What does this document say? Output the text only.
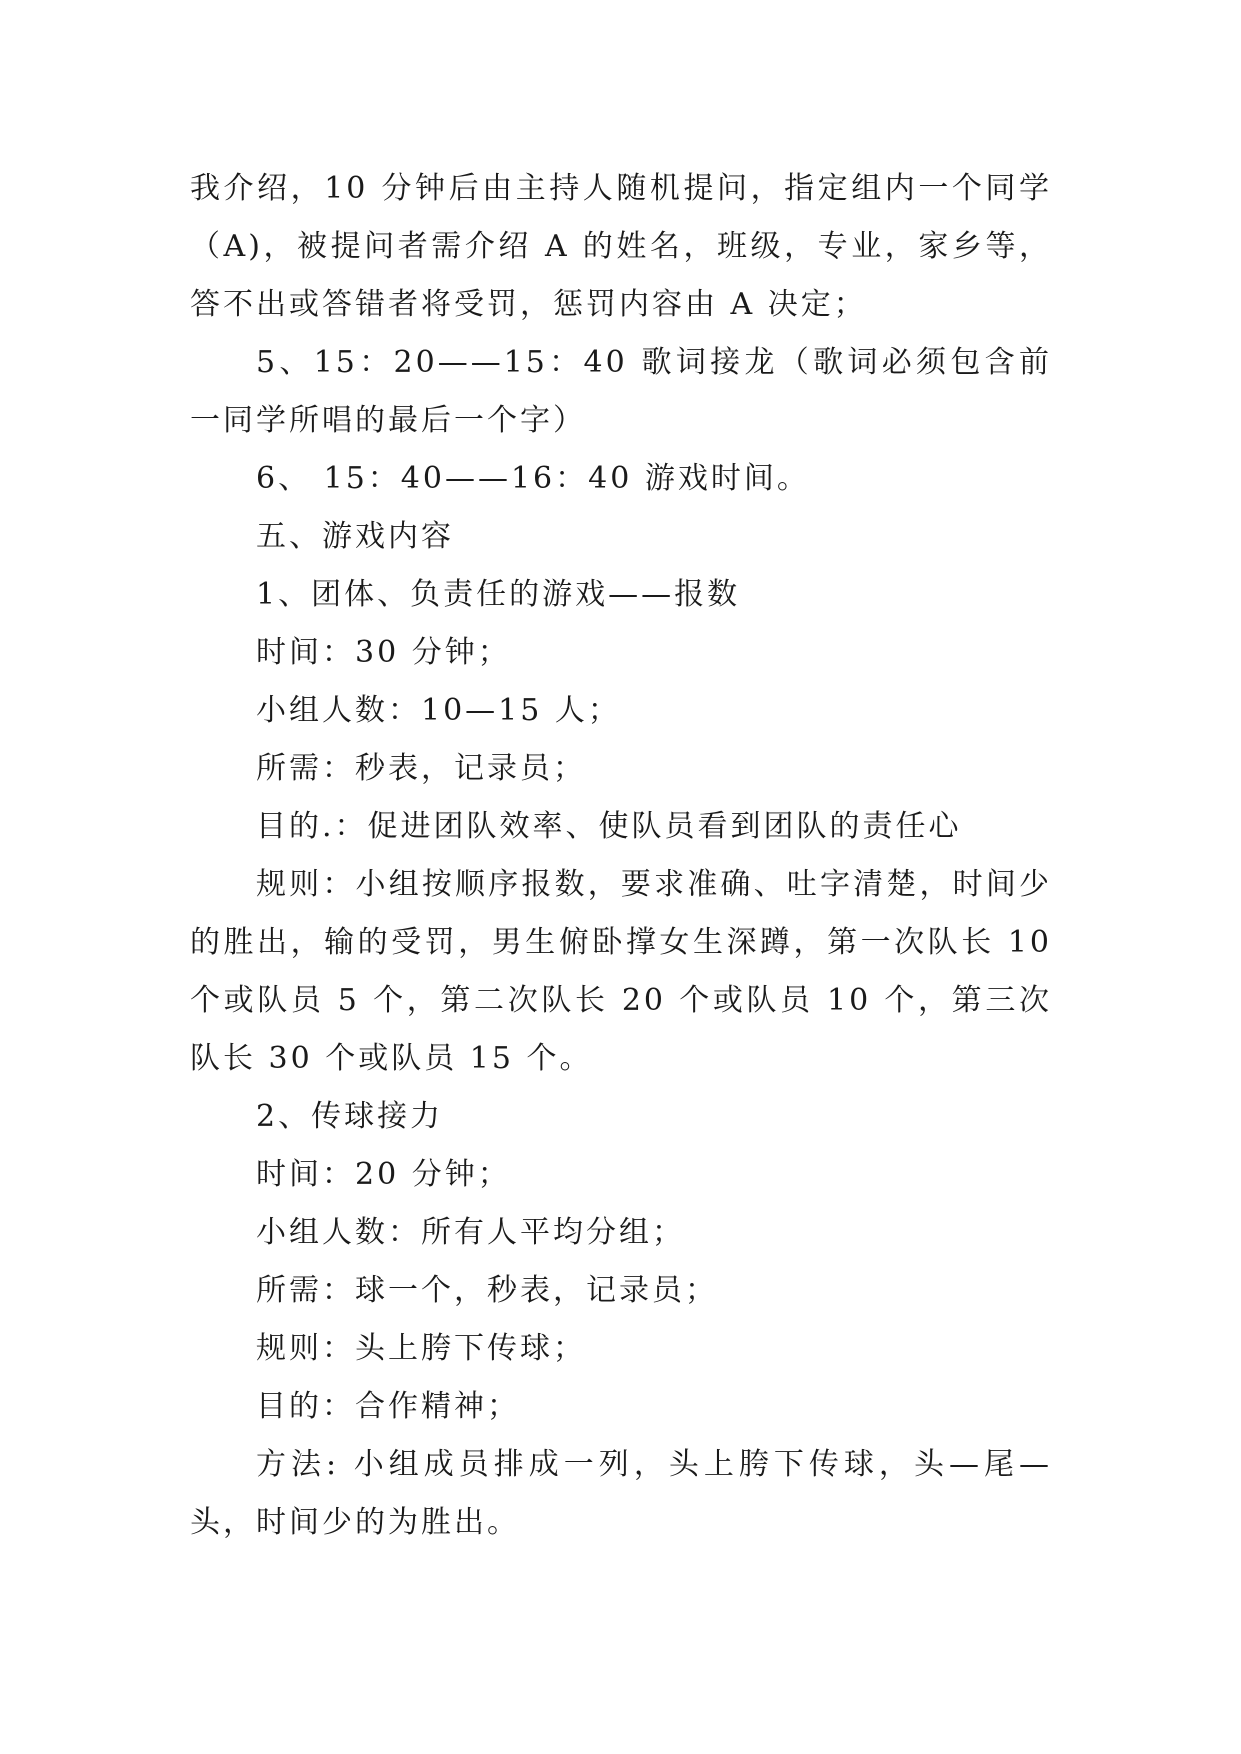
我介绍，10 分钟后由主持人随机提问，指定组内一个同学（A)，被提问者需介绍 A 的姓名，班级，专业，家乡等，答不出或答错者将受罚，惩罚内容由 A 决定；

5、15：20——15：40 歌词接龙（歌词必须包含前一同学所唱的最后一个字）

6、 15：40——16：40 游戏时间。

五、游戏内容

1、团体、负责任的游戏——报数

时间：30 分钟；

小组人数：10—15 人；

所需：秒表，记录员；

目的.：促进团队效率、使队员看到团队的责任心

规则：小组按顺序报数，要求准确、吐字清楚，时间少的胜出，输的受罚，男生俯卧撑女生深蹲，第一次队长 10 个或队员 5 个，第二次队长 20 个或队员 10 个，第三次队长 30 个或队员 15 个。

2、传球接力

时间：20 分钟；

小组人数：所有人平均分组；

所需：球一个，秒表，记录员；

规则：头上胯下传球；

目的：合作精神；

方法: 小组成员排成一列，头上胯下传球，头—尾—头，时间少的为胜出。
